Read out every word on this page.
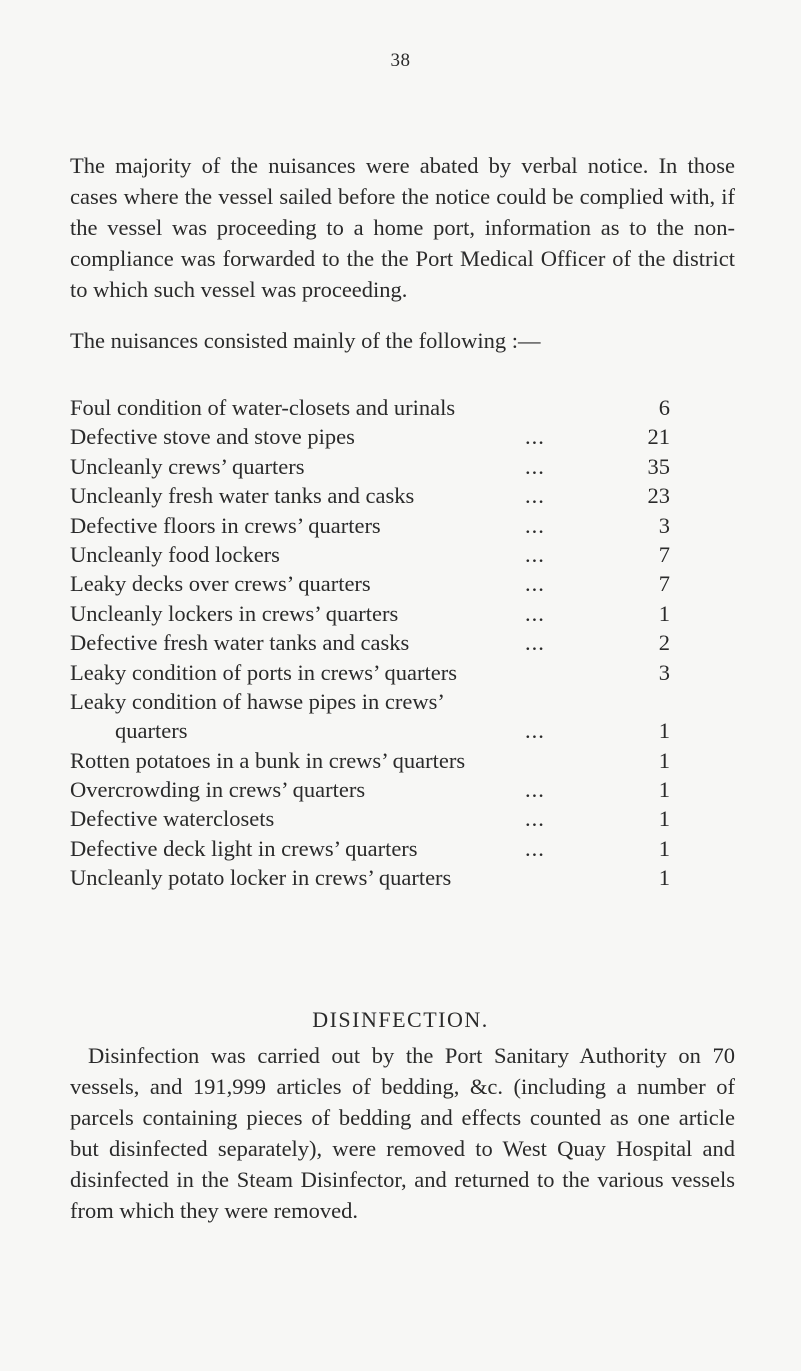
38

The majority of the nuisances were abated by verbal notice. In those cases where the vessel sailed before the notice could be complied with, if the vessel was proceeding to a home port, information as to the non-compliance was forwarded to the the Port Medical Officer of the district to which such vessel was proceeding.

The nuisances consisted mainly of the following :—
Foul condition of water-closets and urinals	6
Defective stove and stove pipes	...	21
Uncleanly crews’ quarters	...	35
Uncleanly fresh water tanks and casks	...	23
Defective floors in crews’ quarters	...	3
Uncleanly food lockers	...	7
Leaky decks over crews’ quarters	...	7
Uncleanly lockers in crews’ quarters	...	1
Defective fresh water tanks and casks	...	2
Leaky condition of ports in crews’ quarters	3
Leaky condition of hawse pipes in crews’
quarters	...	1
Rotten potatoes in a bunk in crews’ quarters	1
Overcrowding in crews’ quarters	...	1
Defective waterclosets	...	1
Defective deck light in crews’ quarters	...	1
Uncleanly potato locker in crews’ quarters	1
DISINFECTION.

Disinfection was carried out by the Port Sanitary Authority on 70 vessels, and 191,999 articles of bedding, &c. (including a number of parcels containing pieces of bedding and effects counted as one article but disinfected separately), were removed to West Quay Hospital and disinfected in the Steam Disinfector, and returned to the various vessels from which they were removed.
